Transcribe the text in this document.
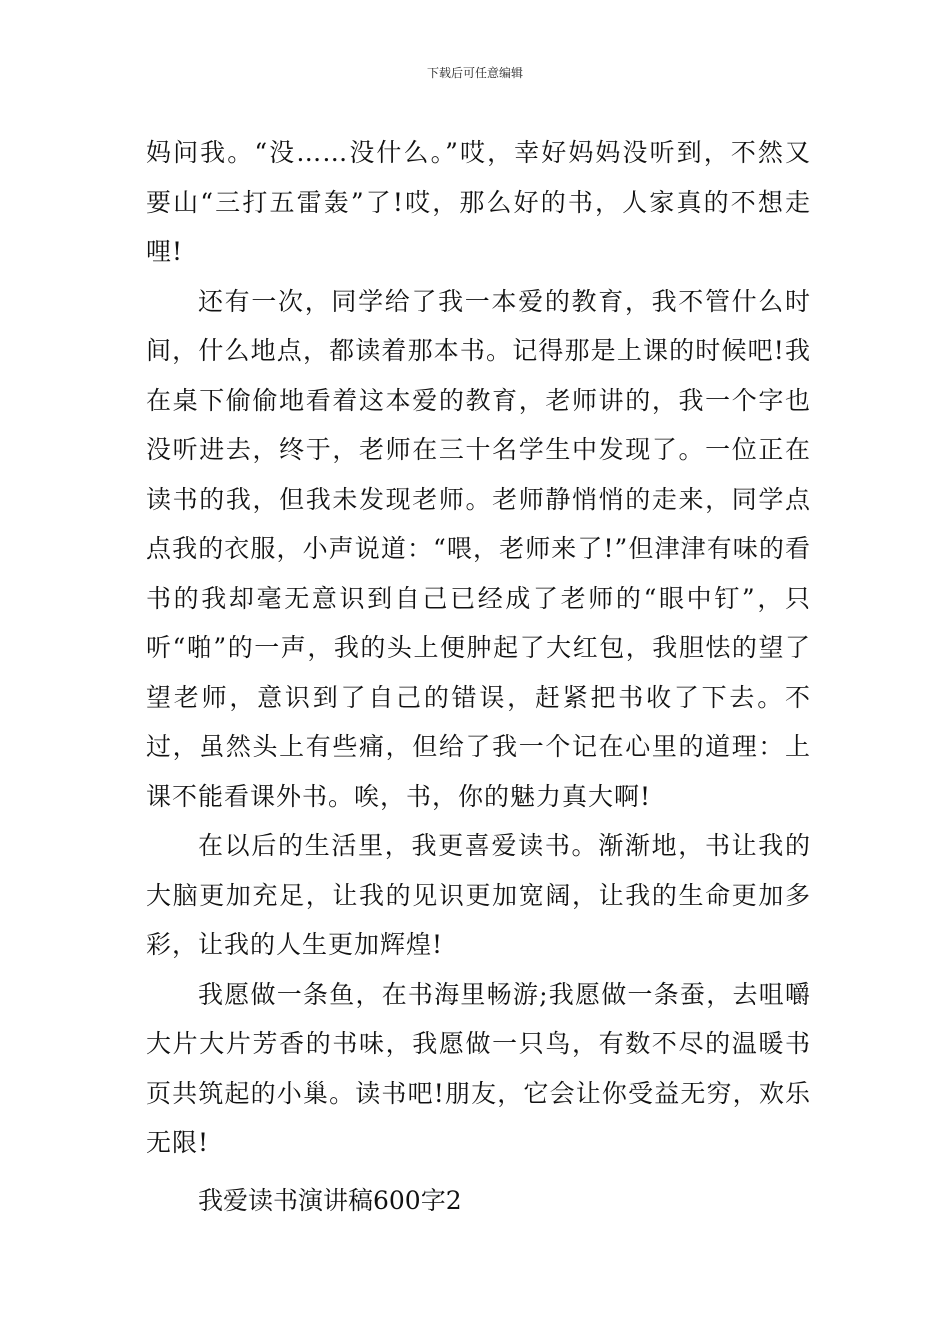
下载后可任意编辑

妈问我。“没……没什么。”哎，幸好妈妈没听到，不然又要山“三打五雷轰”了!哎，那么好的书，人家真的不想走哩!

还有一次，同学给了我一本爱的教育，我不管什么时间，什么地点，都读着那本书。记得那是上课的时候吧!我在桌下偷偷地看着这本爱的教育，老师讲的，我一个字也没听进去，终于，老师在三十名学生中发现了。一位正在读书的我，但我未发现老师。老师静悄悄的走来，同学点点我的衣服，小声说道：“喂，老师来了!”但津津有味的看书的我却毫无意识到自己已经成了老师的“眼中钉”，只听“啪”的一声，我的头上便肿起了大红包，我胆怯的望了望老师，意识到了自己的错误，赶紧把书收了下去。不过，虽然头上有些痛，但给了我一个记在心里的道理：上课不能看课外书。唉，书，你的魅力真大啊!

在以后的生活里，我更喜爱读书。渐渐地，书让我的大脑更加充足，让我的见识更加宽阔，让我的生命更加多彩，让我的人生更加辉煌!

我愿做一条鱼，在书海里畅游;我愿做一条蚕，去咀嚼大片大片芳香的书味，我愿做一只鸟，有数不尽的温暖书页共筑起的小巢。读书吧!朋友，它会让你受益无穷，欢乐无限!

我爱读书演讲稿600字2
